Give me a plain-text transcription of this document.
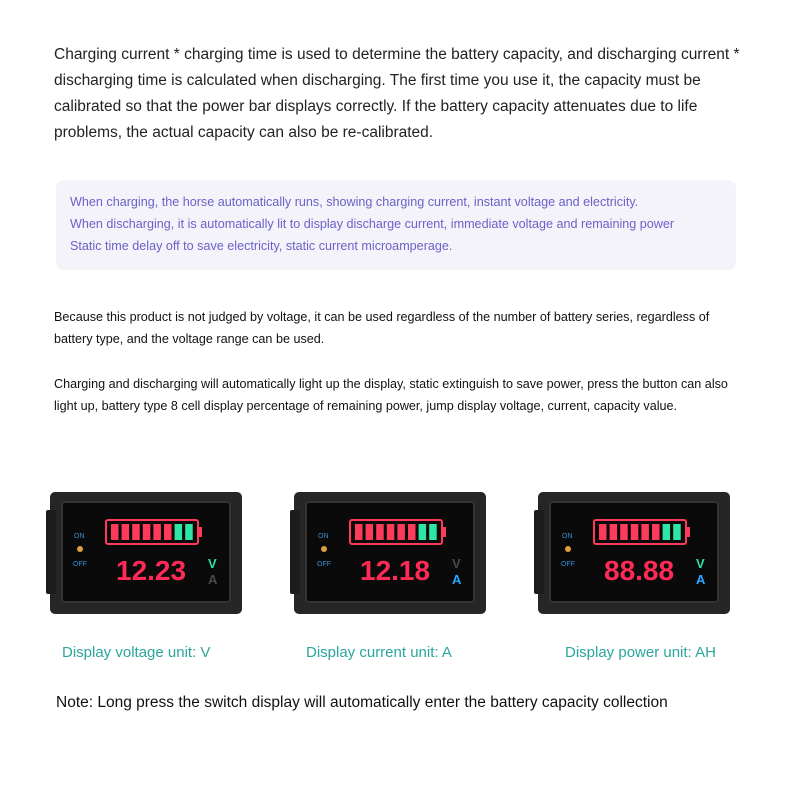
Charging current * charging time is used to determine the battery capacity, and discharging current * discharging time is calculated when discharging. The first time you use it, the capacity must be calibrated so that the power bar displays correctly. If the battery capacity attenuates due to life problems, the actual capacity can also be re-calibrated.
When charging, the horse automatically runs, showing charging current, instant voltage and electricity.
When discharging, it is automatically lit to display discharge current, immediate voltage and remaining power
Static time delay off to save electricity, static current microamperage.
Because this product is not judged by voltage, it can be used regardless of the number of battery series, regardless of battery type, and the voltage range can be used.
Charging and discharging will automatically light up the display, static extinguish to save power, press the button can also light up, battery type 8 cell display percentage of remaining power, jump display voltage, current, capacity value.
ON
OFF 12.23 V
A
ON
OFF 12.18 V
A
ON
OFF 88.88 V
A
Display voltage unit: V	Display current unit: A	Display power unit: AH
Note: Long press the switch display will automatically enter the battery capacity collection
